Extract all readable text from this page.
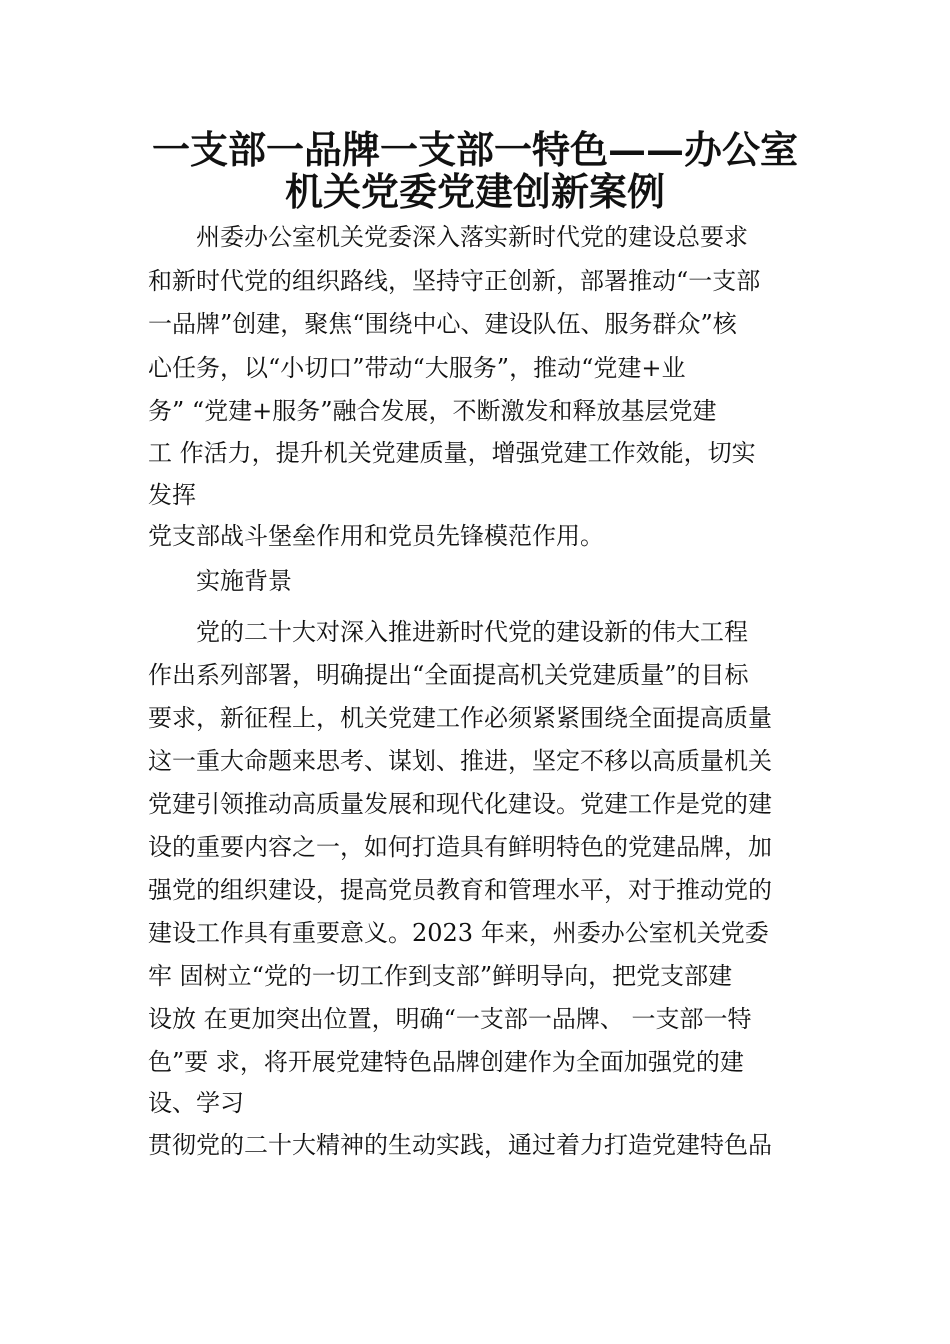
一支部一品牌一支部一特色——办公室
机关党委党建创新案例

　　州委办公室机关党委深入落实新时代党的建设总要求

和新时代党的组织路线，坚持守正创新，部署推动“一支部

一品牌”创建，聚焦“围绕中心、建设队伍、服务群众”核

心任务，以“小切口”带动“大服务”，推动“党建+业

务” “党建+服务”融合发展，不断激发和释放基层党建

工 作活力，提升机关党建质量，增强党建工作效能，切实

发挥

党支部战斗堡垒作用和党员先锋模范作用。

　　实施背景

　　党的二十大对深入推进新时代党的建设新的伟大工程

作出系列部署，明确提出“全面提高机关党建质量”的目标

要求，新征程上，机关党建工作必须紧紧围绕全面提高质量

这一重大命题来思考、谋划、推进，坚定不移以高质量机关

党建引领推动高质量发展和现代化建设。党建工作是党的建

设的重要内容之一，如何打造具有鲜明特色的党建品牌，加

强党的组织建设，提高党员教育和管理水平，对于推动党的

建设工作具有重要意义。2023 年来，州委办公室机关党委

牢 固树立“党的一切工作到支部”鲜明导向，把党支部建

设放 在更加突出位置，明确“一支部一品牌、 一支部一特

色”要 求，将开展党建特色品牌创建作为全面加强党的建

设、学习

贯彻党的二十大精神的生动实践，通过着力打造党建特色品
